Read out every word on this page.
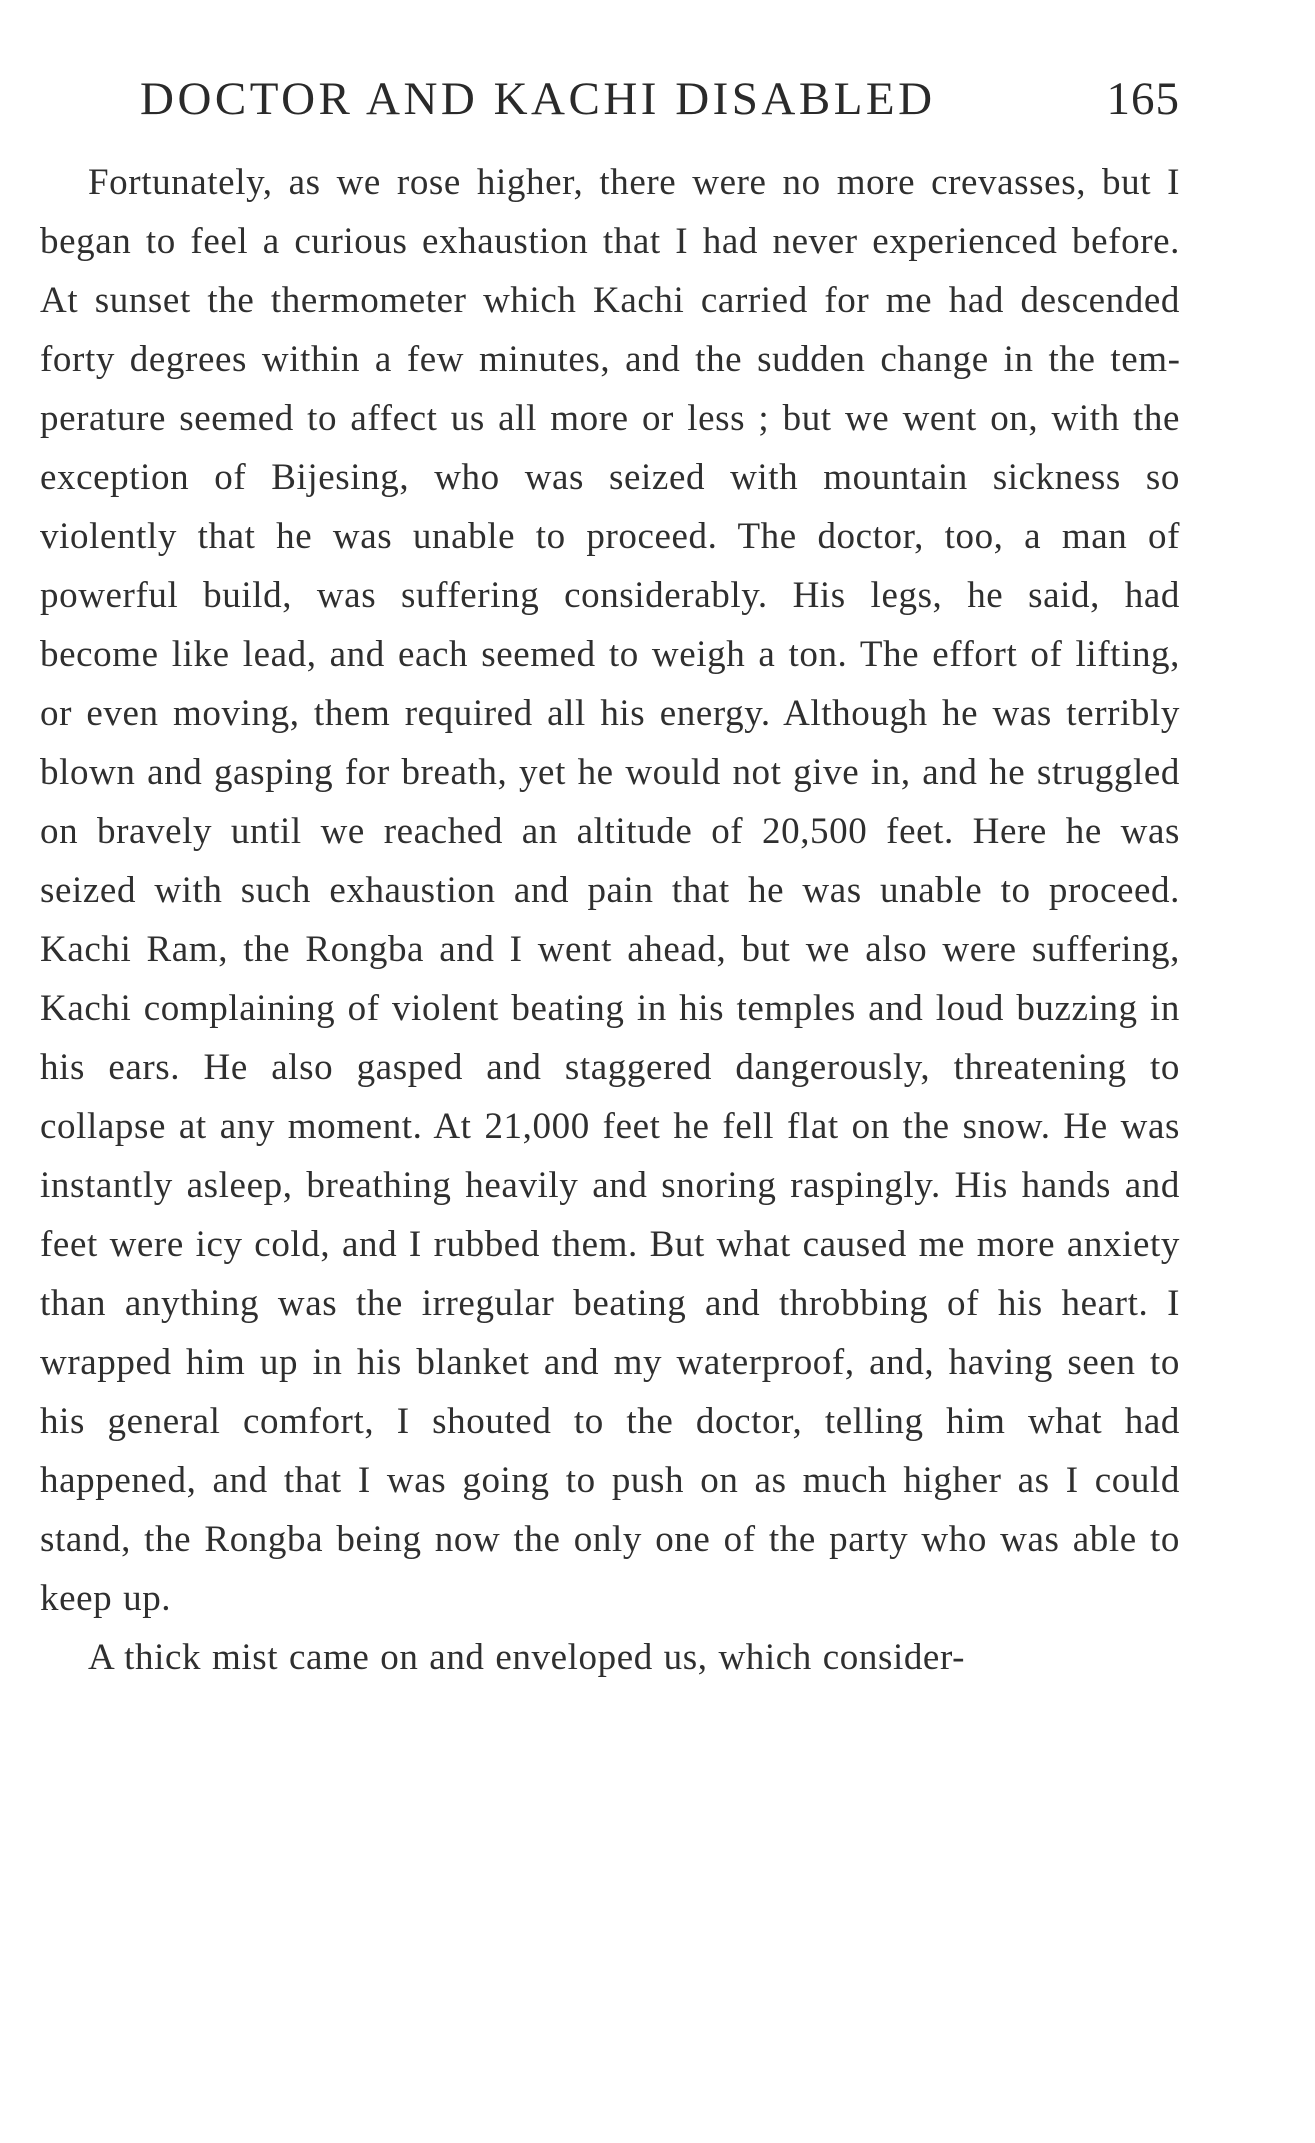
DOCTOR AND KACHI DISABLED	165

Fortunately, as we rose higher, there were no more crevasses, but I began to feel a curious exhaustion that I had never experienced before. At sunset the thermometer which Kachi carried for me had descended forty degrees within a few minutes, and the sudden change in the temperature seemed to affect us all more or less ; but we went on, with the exception of Bijesing, who was seized with mountain sickness so violently that he was unable to proceed. The doctor, too, a man of powerful build, was suffering considerably. His legs, he said, had become like lead, and each seemed to weigh a ton. The effort of lifting, or even moving, them required all his energy. Although he was terribly blown and gasping for breath, yet he would not give in, and he struggled on bravely until we reached an altitude of 20,500 feet. Here he was seized with such exhaustion and pain that he was unable to proceed. Kachi Ram, the Rongba and I went ahead, but we also were suffering, Kachi complaining of violent beating in his temples and loud buzzing in his ears. He also gasped and staggered dangerously, threatening to collapse at any moment. At 21,000 feet he fell flat on the snow. He was instantly asleep, breathing heavily and snoring raspingly. His hands and feet were icy cold, and I rubbed them. But what caused me more anxiety than anything was the irregular beating and throbbing of his heart. I wrapped him up in his blanket and my waterproof, and, having seen to his general comfort, I shouted to the doctor, telling him what had happened, and that I was going to push on as much higher as I could stand, the Rongba being now the only one of the party who was able to keep up.

A thick mist came on and enveloped us, which consider-
